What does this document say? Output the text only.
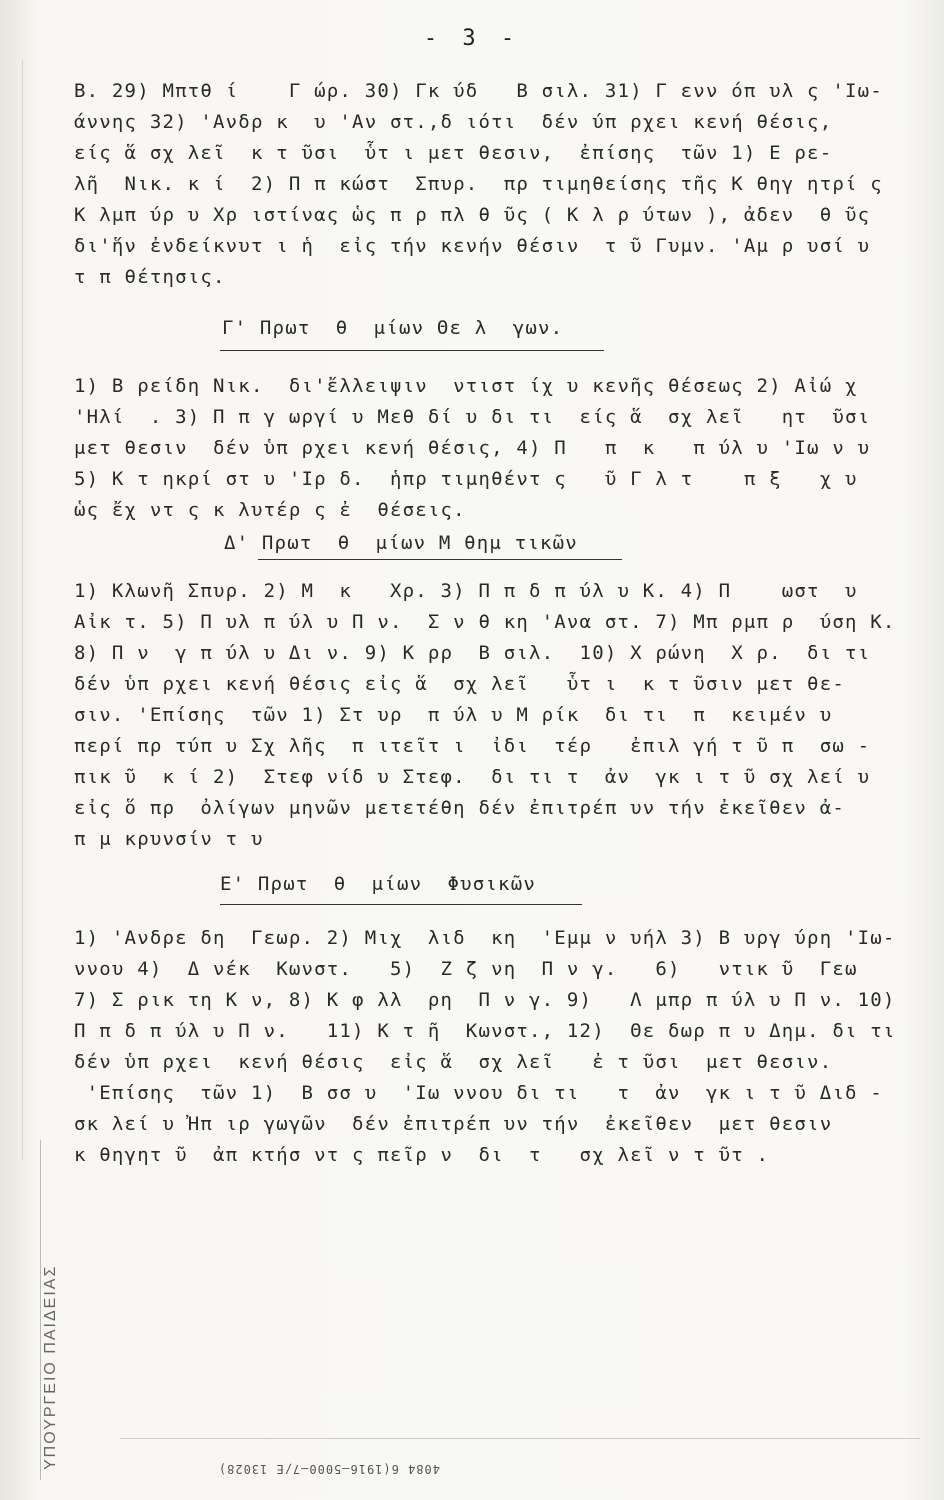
- 3 -
Β. 29) Μπτθ ί    Γ ώρ. 30) Γκ ύδ   Β σιλ. 31) Γ ενν όπ υλ ς 'Ιω-
άννης 32) 'Ανδρ κ  υ 'Αν στ.,δ ιότι  δέν ύπ ρχει κενή θέσις,
είς ἅ σχ λεῖ  κ τ ῦσι  ὗτ ι μετ θεσιν,  ἐπίσης  τῶν 1) Ε ρε-
λῆ  Νικ. κ ί  2) Π π κώστ  Σπυρ.  πρ τιμηθείσης τῆς Κ θηγ ητρί ς
Κ λμπ ύρ υ Χρ ιστίνας ὡς π ρ πλ θ ῦς ( Κ λ ρ ύτων ), ἀδεν  θ ῦς
δι'ἥν ἐνδείκνυτ ι ἡ  εἰς τήν κενήν θέσιν  τ ῦ Γυμν. 'Αμ ρ υσί υ
τ π θέτησις.
Γ' Πρωτ  θ  μίων Θε λ  γων.
1) Β ρείδη Νικ.  δι'ἔλλειψιν  ντιστ ίχ υ κενῆς θέσεως 2) Αἰώ χ
'Ηλί  . 3) Π π γ ωργί υ Μεθ δί υ δι τι  είς ἅ  σχ λεῖ   ητ  ῦσι
μετ θεσιν  δέν ὑπ ρχει κενή θέσις, 4) Π   π  κ   π ύλ υ 'Ιω ν υ
5) Κ τ ηκρί στ υ 'Ιρ δ.  ἡπρ τιμηθέντ ς   ῦ Γ λ τ    π ξ   χ υ
ὡς ἔχ ντ ς κ λυτέρ ς ἐ  θέσεις.
Δ' Πρωτ  θ  μίων Μ θημ τικῶν
1) Κλωνῆ Σπυρ. 2) Μ  κ   Χρ. 3) Π π δ π ύλ υ Κ. 4) Π    ωστ  υ
Αἰκ τ. 5) Π υλ π ύλ υ Π ν.  Σ ν θ κη 'Ανα στ. 7) Μπ ρμπ ρ  ύση Κ.
8) Π ν  γ π ύλ υ Δι ν. 9) Κ ρρ  Β σιλ.  10) Χ ρώνη  Χ ρ.  δι τι
δέν ὑπ ρχει κενή θέσις εἰς ἅ  σχ λεῖ   ὗτ ι  κ τ ῦσιν μετ θε-
σιν. 'Επίσης  τῶν 1) Στ υρ  π ύλ υ Μ ρίκ  δι τι  π  κειμέν υ
περί πρ τύπ υ Σχ λῆς  π ιτεῖτ ι  ἰδι  τέρ   ἐπιλ γή τ ῦ π  σω -
πικ ῦ  κ ί 2)  Στεφ νίδ υ Στεφ.  δι τι τ  ἀν  γκ ι τ ῦ σχ λεί υ
εἰς ὅ πρ  ὀλίγων μηνῶν μετετέθη δέν ἐπιτρέπ υν τήν ἐκεῖθεν ἀ-
π μ κρυνσίν τ υ
Ε' Πρωτ  θ  μίων  Φυσικῶν
1) 'Ανδρε δη  Γεωρ. 2) Μιχ  λιδ  κη  'Εμμ ν υήλ 3) Β υργ ύρη 'Ιω-
ννου 4)  Δ νέκ  Κωνστ.   5)  Ζ ζ νη  Π ν γ.   6)   ντικ ῦ  Γεω
7) Σ ρικ τη Κ ν, 8) Κ φ λλ  ρη  Π ν γ. 9)   Λ μπρ π ύλ υ Π ν. 10)
Π π δ π ύλ υ Π ν.   11) Κ τ ῆ  Κωνστ., 12)  Θε δωρ π υ Δημ. δι τι
δέν ὑπ ρχει  κενή θέσις  εἰς ἅ  σχ λεῖ   ἐ τ ῦσι  μετ θεσιν.
'Επίσης  τῶν 1)  Β σσ υ  'Ιω ννου δι τι   τ  ἀν  γκ ι τ ῦ Διδ -
σκ λεί υ Ἠπ ιρ γωγῶν  δέν ἐπιτρέπ υν τήν  ἐκεῖθεν  μετ θεσιν
κ θηγητ ῦ  ἀπ κτήσ ντ ς πεῖρ ν  δι  τ   σχ λεῖ ν τ ῦτ .
ΥΠΟΥΡΓΕΙΟ ΠΑΙΔΕΙΑΣ	4084 6(1916—5000—7/Ε 13028)
